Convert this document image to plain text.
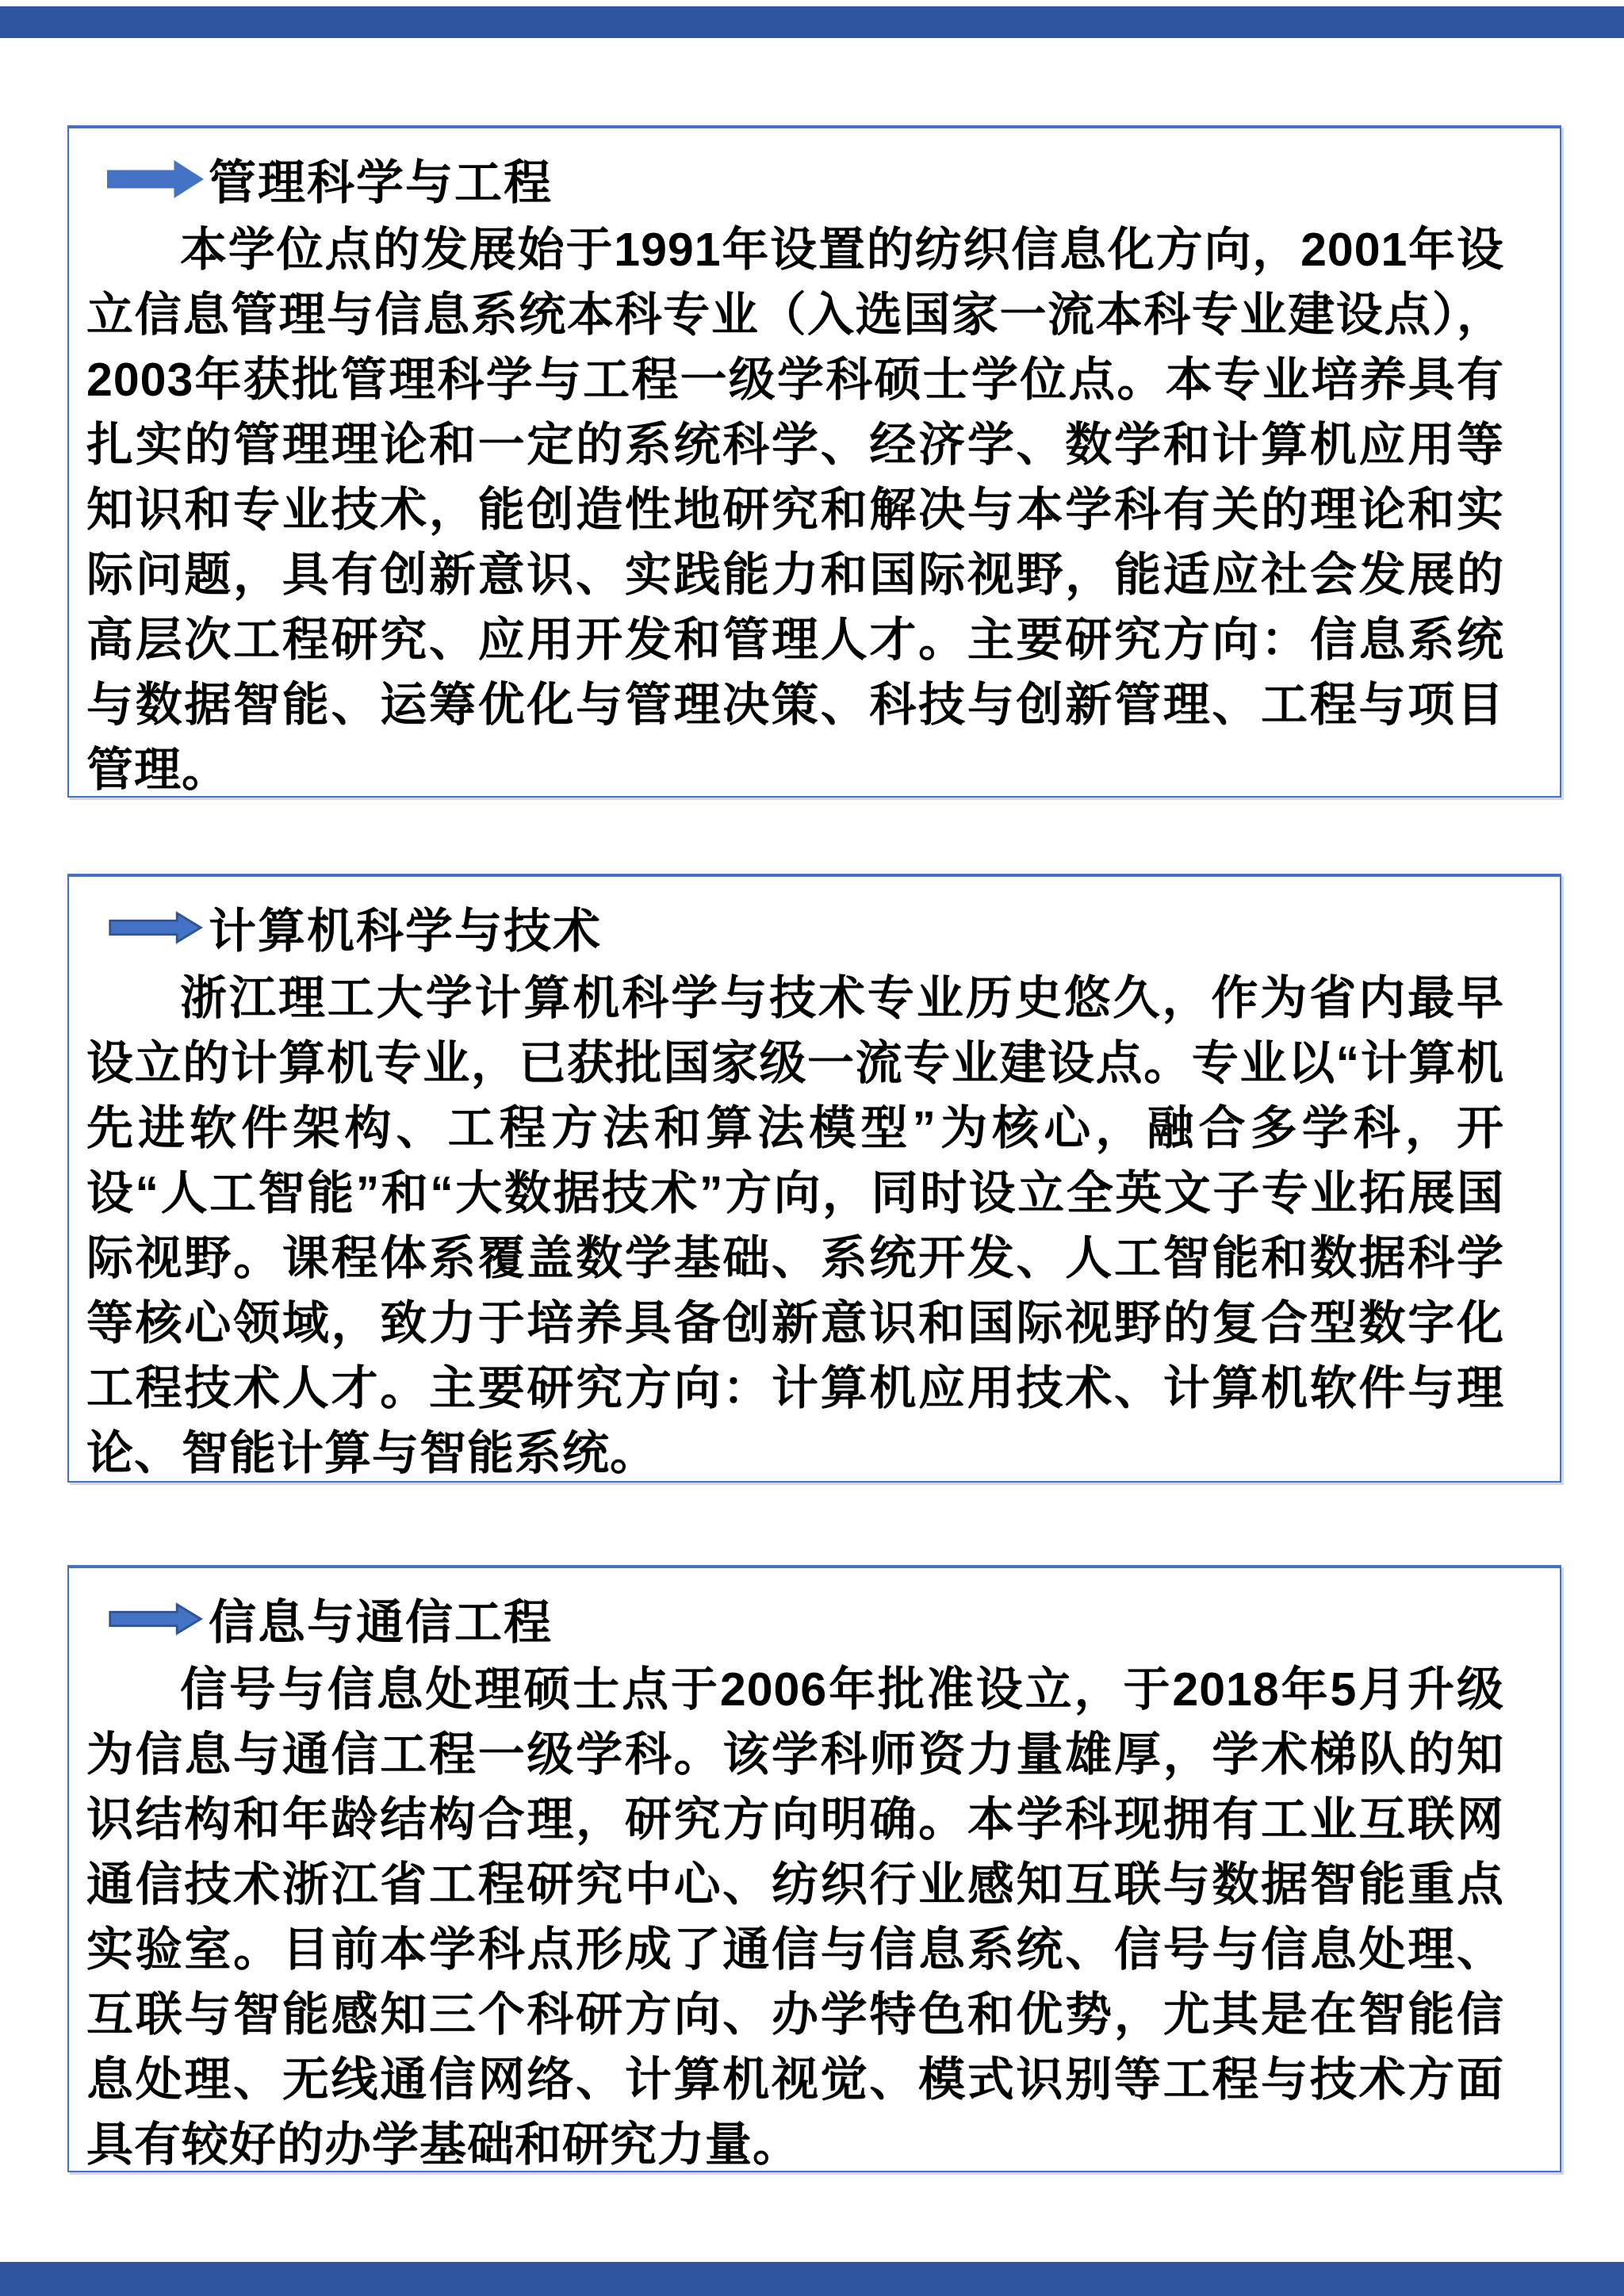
管理科学与工程

本学位点的发展始于1991年设置的纺织信息化方向，2001年设立信息管理与信息系统本科专业（入选国家一流本科专业建设点），2003年获批管理科学与工程一级学科硕士学位点。本专业培养具有扎实的管理理论和一定的系统科学、经济学、数学和计算机应用等知识和专业技术，能创造性地研究和解决与本学科有关的理论和实际问题，具有创新意识、实践能力和国际视野，能适应社会发展的高层次工程研究、应用开发和管理人才。主要研究方向：信息系统与数据智能、运筹优化与管理决策、科技与创新管理、工程与项目管理。

计算机科学与技术

浙江理工大学计算机科学与技术专业历史悠久，作为省内最早设立的计算机专业，已获批国家级一流专业建设点。专业以“计算机先进软件架构、工程方法和算法模型”为核心，融合多学科，开设“人工智能”和“大数据技术”方向，同时设立全英文子专业拓展国际视野。课程体系覆盖数学基础、系统开发、人工智能和数据科学等核心领域，致力于培养具备创新意识和国际视野的复合型数字化工程技术人才。主要研究方向：计算机应用技术、计算机软件与理论、智能计算与智能系统。

信息与通信工程

信号与信息处理硕士点于2006年批准设立，于2018年5月升级为信息与通信工程一级学科。该学科师资力量雄厚，学术梯队的知识结构和年龄结构合理，研究方向明确。本学科现拥有工业互联网通信技术浙江省工程研究中心、纺织行业感知互联与数据智能重点实验室。目前本学科点形成了通信与信息系统、信号与信息处理、互联与智能感知三个科研方向、办学特色和优势，尤其是在智能信息处理、无线通信网络、计算机视觉、模式识别等工程与技术方面具有较好的办学基础和研究力量。
